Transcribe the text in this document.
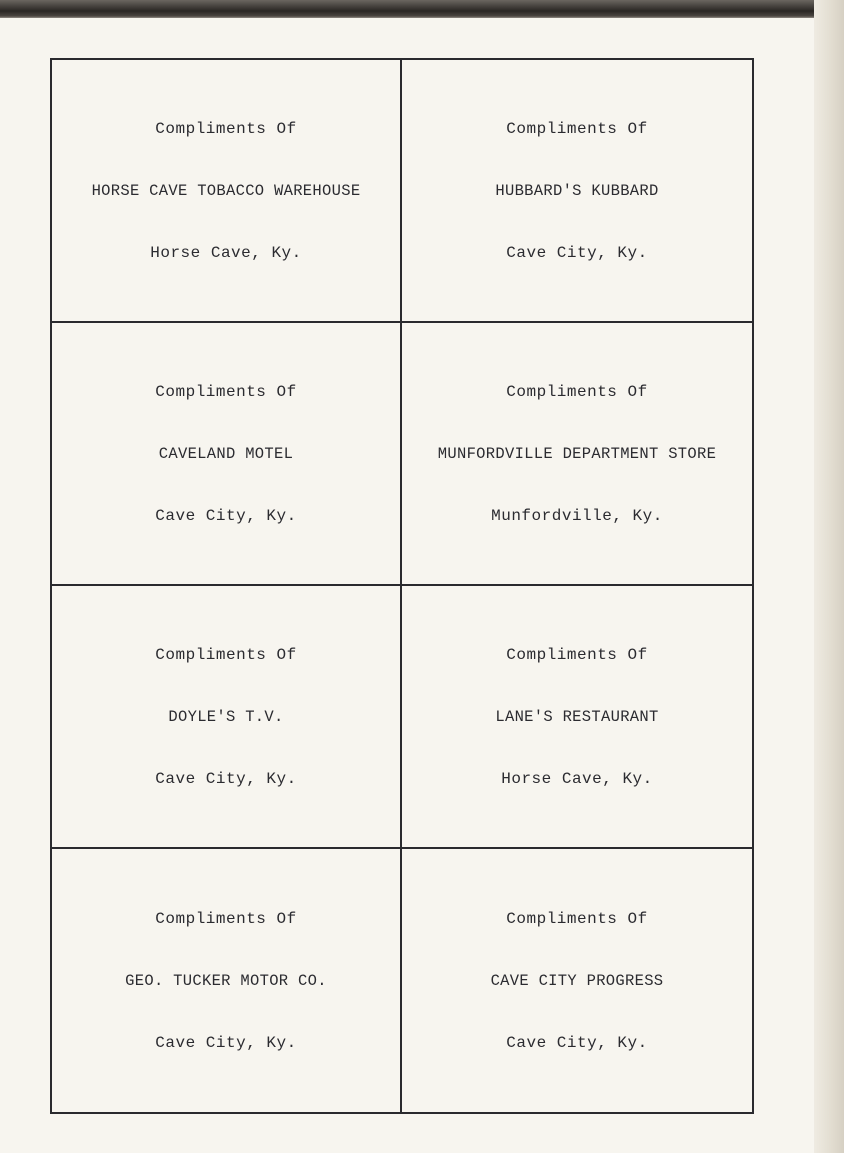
Compliments Of
HORSE CAVE TOBACCO WAREHOUSE
Horse Cave, Ky.
Compliments Of
HUBBARD'S KUBBARD
Cave City, Ky.
Compliments Of
CAVELAND MOTEL
Cave City, Ky.
Compliments Of
MUNFORDVILLE DEPARTMENT STORE
Munfordville, Ky.
Compliments Of
DOYLE'S T.V.
Cave City, Ky.
Compliments Of
LANE'S RESTAURANT
Horse Cave, Ky.
Compliments Of
GEO. TUCKER MOTOR CO.
Cave City, Ky.
Compliments Of
CAVE CITY PROGRESS
Cave City, Ky.
